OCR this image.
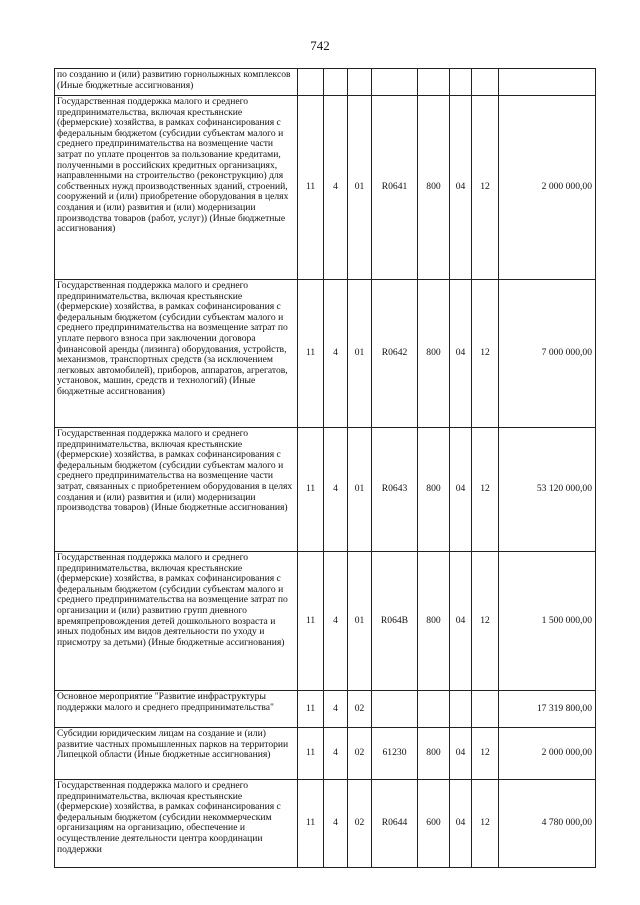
742
по созданию и (или) развитию горнолыжных комплексов (Иные бюджетные ассигнования)								
Государственная поддержка малого и среднего предпринимательства, включая крестьянские (фермерские) хозяйства, в рамках софинансирования с федеральным бюджетом (субсидии субъектам малого и среднего предпринимательства на возмещение части затрат по уплате процентов за пользование кредитами, полученными в российских кредитных организациях, направленными на строительство (реконструкцию) для собственных нужд производственных зданий, строений, сооружений и (или) приобретение оборудования в целях создания и (или) развития и (или) модернизации производства товаров (работ, услуг)) (Иные бюджетные ассигнования)	11	4	01	R0641	800	04	12	2 000 000,00
Государственная поддержка малого и среднего предпринимательства, включая крестьянские (фермерские) хозяйства, в рамках софинансирования с федеральным бюджетом (субсидии субъектам малого и среднего предпринимательства на возмещение затрат по уплате первого взноса при заключении договора финансовой аренды (лизинга) оборудования, устройств, механизмов, транспортных средств (за исключением легковых автомобилей), приборов, аппаратов, агрегатов, установок, машин, средств и технологий) (Иные бюджетные ассигнования)	11	4	01	R0642	800	04	12	7 000 000,00
Государственная поддержка малого и среднего предпринимательства, включая крестьянские (фермерские) хозяйства, в рамках софинансирования с федеральным бюджетом (субсидии субъектам малого и среднего предпринимательства на возмещение части затрат, связанных с приобретением оборудования в целях создания и (или) развития и (или) модернизации производства товаров) (Иные бюджетные ассигнования)	11	4	01	R0643	800	04	12	53 120 000,00
Государственная поддержка малого и среднего предпринимательства, включая крестьянские (фермерские) хозяйства, в рамках софинансирования с федеральным бюджетом (субсидии субъектам малого и среднего предпринимательства на возмещение затрат по организации и (или) развитию групп дневного времяпрепровождения детей дошкольного возраста и иных подобных им видов деятельности по уходу и присмотру за детьми) (Иные бюджетные ассигнования)	11	4	01	R064B	800	04	12	1 500 000,00
Основное мероприятие "Развитие инфраструктуры поддержки малого и среднего предпринимательства"	11	4	02					17 319 800,00
Субсидии юридическим лицам на создание и (или) развитие частных промышленных парков на территории Липецкой области (Иные бюджетные ассигнования)	11	4	02	61230	800	04	12	2 000 000,00
Государственная поддержка малого и среднего предпринимательства, включая крестьянские (фермерские) хозяйства, в рамках софинансирования с федеральным бюджетом (субсидии некоммерческим организациям на организацию, обеспечение и осуществление деятельности центра координации поддержки	11	4	02	R0644	600	04	12	4 780 000,00
